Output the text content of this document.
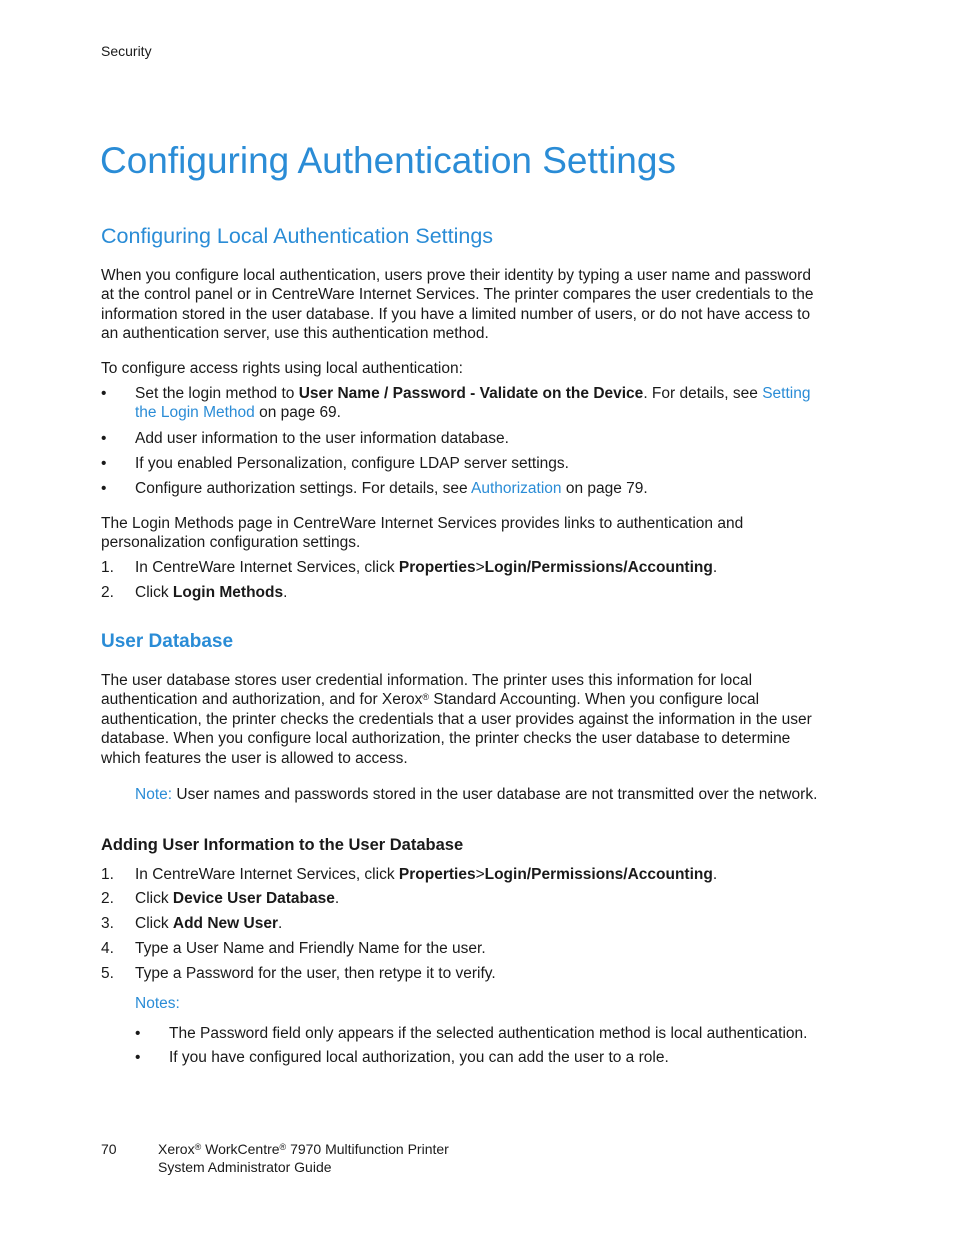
Security
Configuring Authentication Settings
Configuring Local Authentication Settings
When you configure local authentication, users prove their identity by typing a user name and password
at the control panel or in CentreWare Internet Services. The printer compares the user credentials to the
information stored in the user database. If you have a limited number of users, or do not have access to
an authentication server, use this authentication method.
To configure access rights using local authentication:
• Set the login method to User Name / Password - Validate on the Device. For details, see Setting
the Login Method on page 69.
• Add user information to the user information database.
• If you enabled Personalization, configure LDAP server settings.
• Configure authorization settings. For details, see Authorization on page 79.
The Login Methods page in CentreWare Internet Services provides links to authentication and
personalization configuration settings.
1. In CentreWare Internet Services, click Properties>Login/Permissions/Accounting.
2. Click Login Methods.
User Database
The user database stores user credential information. The printer uses this information for local
authentication and authorization, and for Xerox® Standard Accounting. When you configure local
authentication, the printer checks the credentials that a user provides against the information in the user
database. When you configure local authorization, the printer checks the user database to determine
which features the user is allowed to access.
Note: User names and passwords stored in the user database are not transmitted over the network.
Adding User Information to the User Database
1. In CentreWare Internet Services, click Properties>Login/Permissions/Accounting.
2. Click Device User Database.
3. Click Add New User.
4. Type a User Name and Friendly Name for the user.
5. Type a Password for the user, then retype it to verify.
Notes:
• The Password field only appears if the selected authentication method is local authentication.
• If you have configured local authorization, you can add the user to a role.
70	Xerox® WorkCentre® 7970 Multifunction Printer
System Administrator Guide
